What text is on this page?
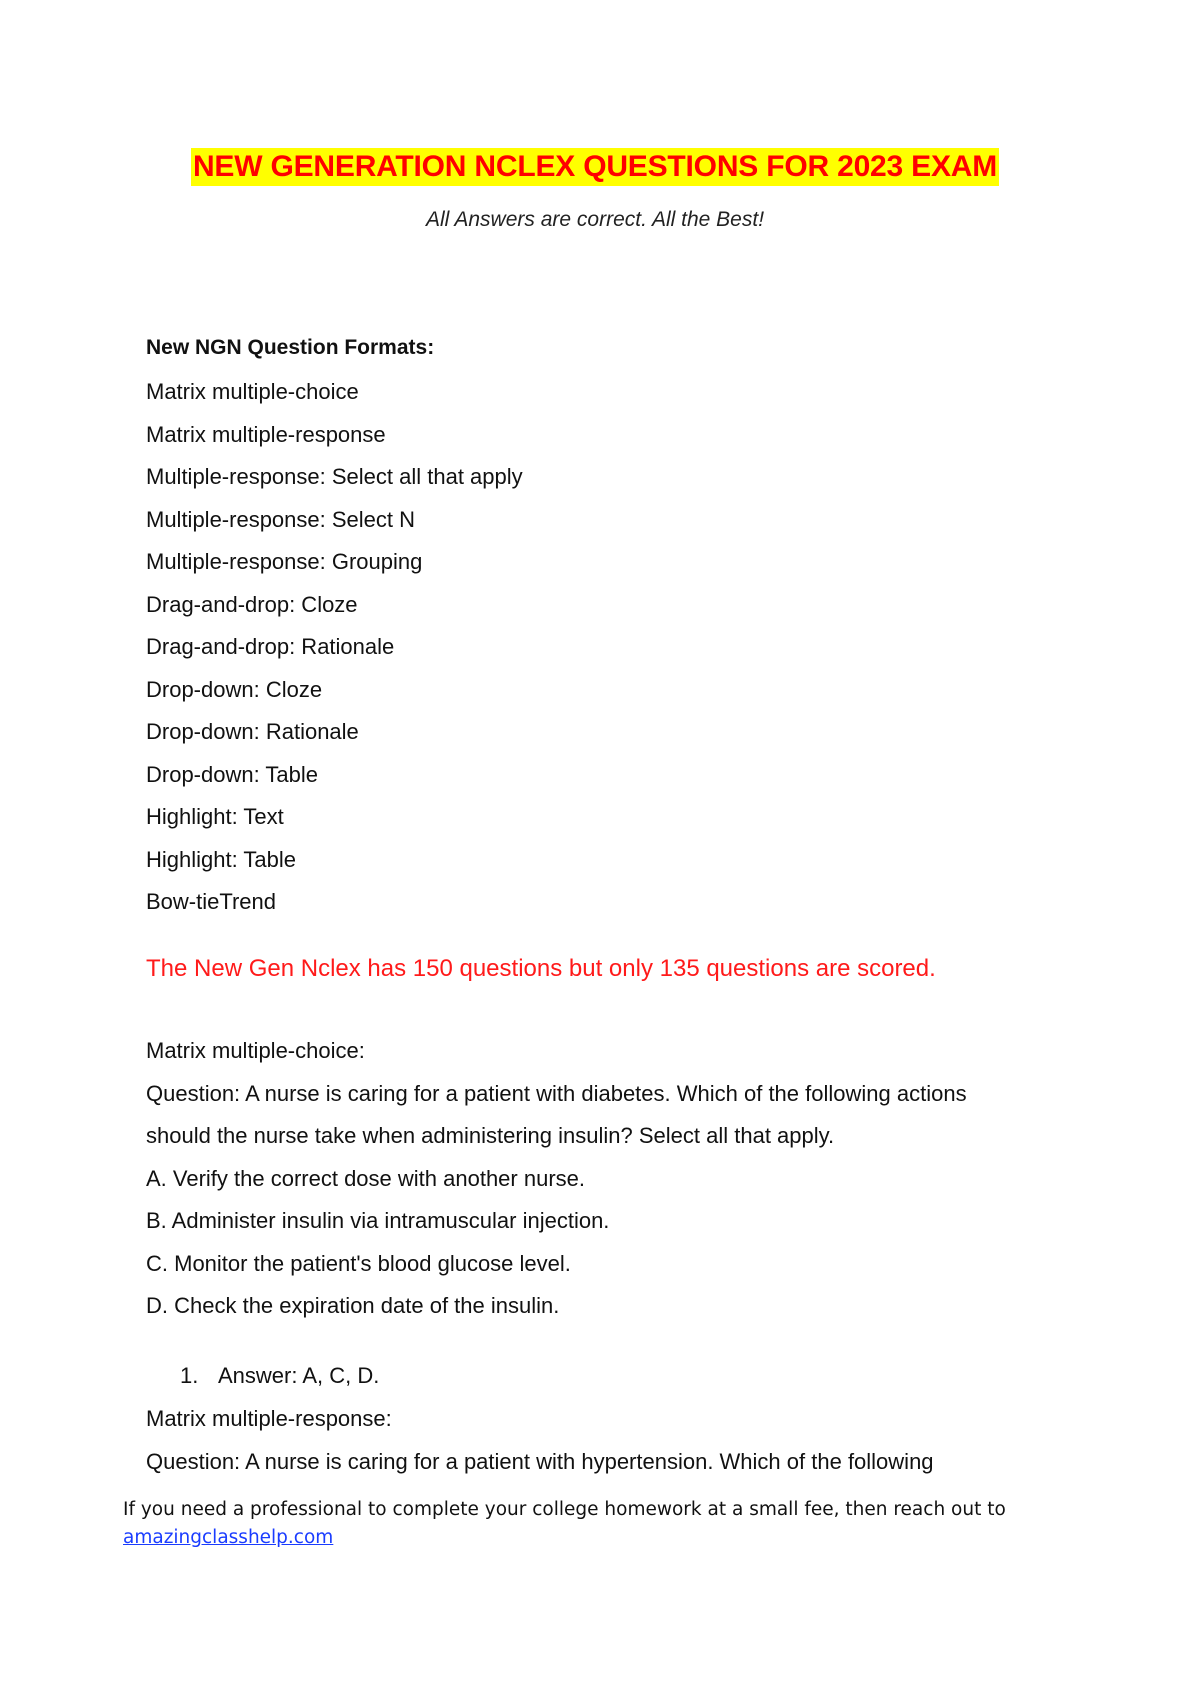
NEW GENERATION NCLEX QUESTIONS FOR 2023 EXAM
All Answers are correct. All the Best!
New NGN Question Formats:
Matrix multiple-choice
Matrix multiple-response
Multiple-response: Select all that apply
Multiple-response: Select N
Multiple-response: Grouping
Drag-and-drop: Cloze
Drag-and-drop: Rationale
Drop-down: Cloze
Drop-down: Rationale
Drop-down: Table
Highlight: Text
Highlight: Table
Bow-tieTrend
The New Gen Nclex has 150 questions but only 135 questions are scored.
Matrix multiple-choice:
Question: A nurse is caring for a patient with diabetes. Which of the following actions
should the nurse take when administering insulin? Select all that apply.
A. Verify the correct dose with another nurse.
B. Administer insulin via intramuscular injection.
C. Monitor the patient's blood glucose level.
D. Check the expiration date of the insulin.
1. Answer: A, C, D.
Matrix multiple-response:
Question: A nurse is caring for a patient with hypertension. Which of the following
If you need a professional to complete your college homework at a small fee, then reach out to
amazingclasshelp.com
